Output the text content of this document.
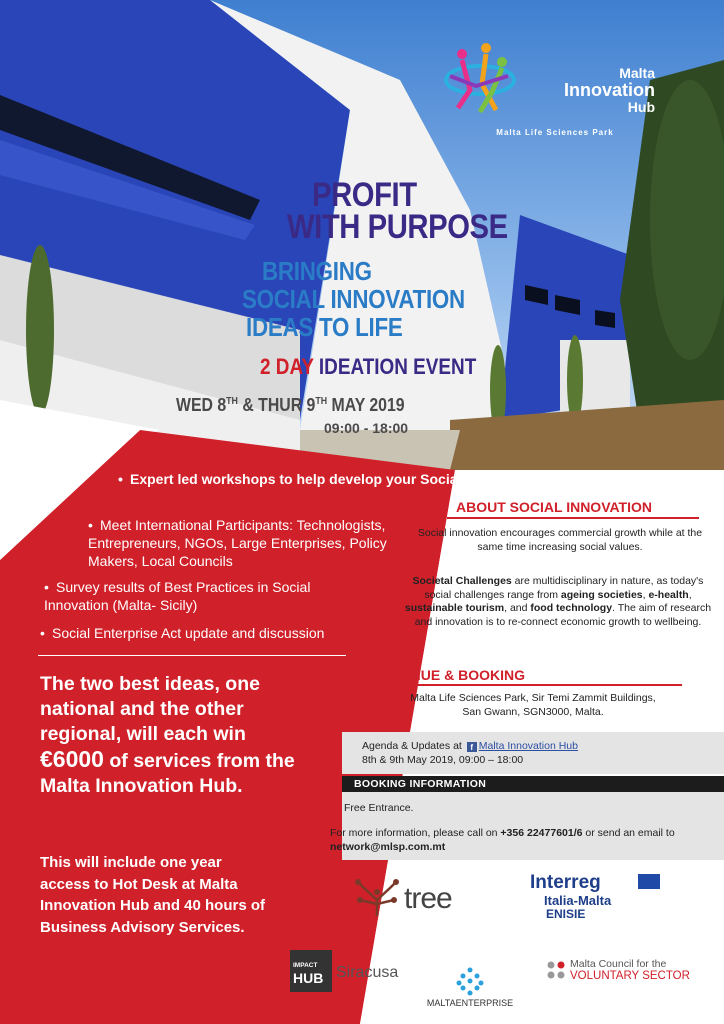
Malta
Innovation
Hub
Malta Life Sciences Park
PROFIT
WITH PURPOSE
BRINGING
SOCIAL INNOVATION
IDEAS TO LIFE
2 DAY IDEATION EVENT
WED 8TH & THUR 9TH MAY 2019
09:00 - 18:00
• Expert led workshops to help develop your Social Innovation ideas
• Meet International Participants: Technologists, Entrepreneurs, NGOs, Large Enterprises, Policy Makers, Local Councils
• Survey results of Best Practices in Social Innovation (Malta- Sicily)
• Social Enterprise Act update and discussion
The two best ideas, one national and the other regional, will each win €6000 of services from the Malta Innovation Hub.
This will include one year access to Hot Desk at Malta Innovation Hub and 40 hours of Business Advisory Services.
ABOUT SOCIAL INNOVATION
Social innovation encourages commercial growth while at the same time increasing social values.
Societal Challenges are multidisciplinary in nature, as today's social challenges range from ageing societies, e-health, sustainable tourism, and food technology. The aim of research and innovation is to re-connect economic growth to wellbeing.
VENUE & BOOKING
Malta Life Sciences Park, Sir Temi Zammit Buildings,
San Gwann, SGN3000, Malta.
Agenda & Updates at f Malta Innovation Hub
8th & 9th May 2019, 09:00 – 18:00
BOOKING INFORMATION
Free Entrance.
For more information, please call on +356 22477601/6 or send an email to network@mlsp.com.mt
tree	Interreg
Italia-Malta
ENISIE
IMPACT
HUB Siracusa
MALTAENTERPRISE
Malta Council for the
VOLUNTARY SECTOR
